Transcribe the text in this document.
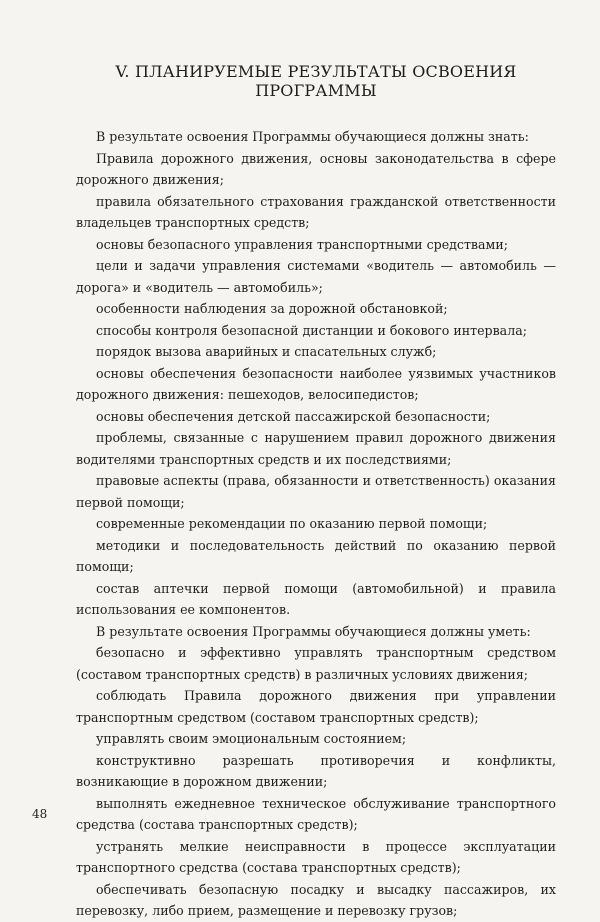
V. ПЛАНИРУЕМЫЕ РЕЗУЛЬТАТЫ ОСВОЕНИЯ ПРОГРАММЫ

В результате освоения Программы обучающиеся должны знать:

Правила дорожного движения, основы законодательства в сфере дорожного движения;

правила обязательного страхования гражданской ответственности владельцев транспортных средств;

основы безопасного управления транспортными средствами;

цели и задачи управления системами «водитель — автомобиль — дорога» и «водитель — автомобиль»;

особенности наблюдения за дорожной обстановкой;

способы контроля безопасной дистанции и бокового интервала;

порядок вызова аварийных и спасательных служб;

основы обеспечения безопасности наиболее уязвимых участников дорожного движения: пешеходов, велосипедистов;

основы обеспечения детской пассажирской безопасности;

проблемы, связанные с нарушением правил дорожного движения водителями транспортных средств и их последствиями;

правовые аспекты (права, обязанности и ответственность) оказания первой помощи;

современные рекомендации по оказанию первой помощи;

методики и последовательность действий по оказанию первой помощи;

состав аптечки первой помощи (автомобильной) и правила использования ее компонентов.

В результате освоения Программы обучающиеся должны уметь:

безопасно и эффективно управлять транспортным средством (составом транспортных средств) в различных условиях движения;

соблюдать Правила дорожного движения при управлении транспортным средством (составом транспортных средств);

управлять своим эмоциональным состоянием;

конструктивно разрешать противоречия и конфликты, возникающие в дорожном движении;

выполнять ежедневное техническое обслуживание транспортного средства (состава транспортных средств);

устранять мелкие неисправности в процессе эксплуатации транспортного средства (состава транспортных средств);

обеспечивать безопасную посадку и высадку пассажиров, их перевозку, либо прием, размещение и перевозку грузов;

48
